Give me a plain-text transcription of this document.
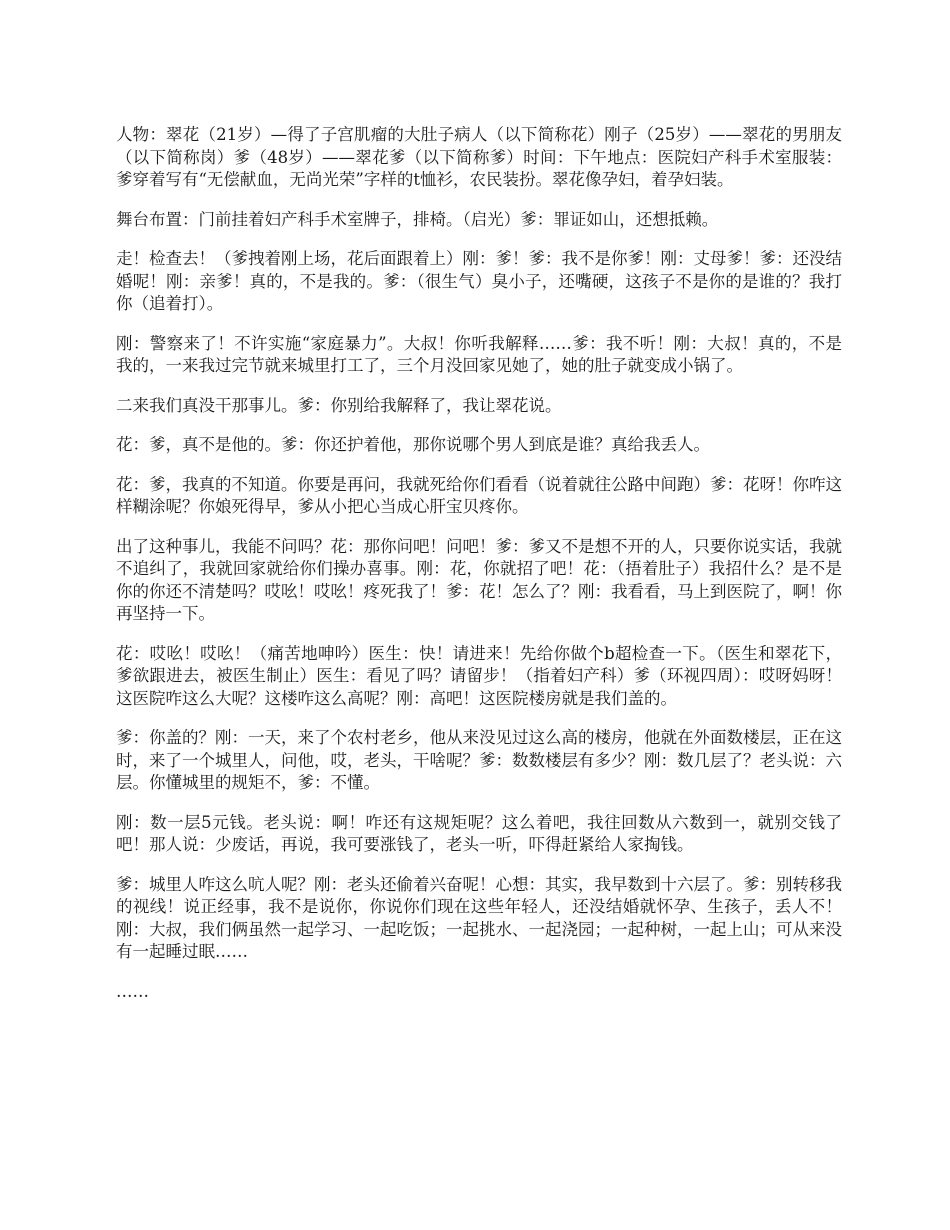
人物：翠花（21岁）—得了子宫肌瘤的大肚子病人（以下简称花）刚子（25岁）——翠花的男朋友（以下简称岗）爹（48岁）——翠花爹（以下简称爹）时间：下午地点：医院妇产科手术室服装：爹穿着写有“无偿献血，无尚光荣”字样的t恤衫，农民装扮。翠花像孕妇，着孕妇装。

舞台布置：门前挂着妇产科手术室牌子，排椅。（启光）爹：罪证如山，还想抵赖。

走！检查去！（爹拽着刚上场，花后面跟着上）刚：爹！爹：我不是你爹！刚：丈母爹！爹：还没结婚呢！刚：亲爹！真的，不是我的。爹：（很生气）臭小子，还嘴硬，这孩子不是你的是谁的？我打你（追着打）。

刚：警察来了！不许实施“家庭暴力”。大叔！你听我解释……爹：我不听！刚：大叔！真的，不是我的，一来我过完节就来城里打工了，三个月没回家见她了，她的肚子就变成小锅了。

二来我们真没干那事儿。爹：你别给我解释了，我让翠花说。

花：爹，真不是他的。爹：你还护着他，那你说哪个男人到底是谁？真给我丢人。

花：爹，我真的不知道。你要是再问，我就死给你们看看（说着就往公路中间跑）爹：花呀！你咋这样糊涂呢？你娘死得早，爹从小把心当成心肝宝贝疼你。

出了这种事儿，我能不问吗？花：那你问吧！问吧！爹：爹又不是想不开的人，只要你说实话，我就不追纠了，我就回家就给你们操办喜事。刚：花，你就招了吧！花：（捂着肚子）我招什么？是不是你的你还不清楚吗？哎吆！哎吆！疼死我了！爹：花！怎么了？刚：我看看，马上到医院了，啊！你再坚持一下。

花：哎吆！哎吆！（痛苦地呻吟）医生：快！请进来！先给你做个b超检查一下。（医生和翠花下，爹欲跟进去，被医生制止）医生：看见了吗？请留步！（指着妇产科）爹（环视四周）：哎呀妈呀！这医院咋这么大呢？这楼咋这么高呢？刚：高吧！这医院楼房就是我们盖的。

爹：你盖的？刚：一天，来了个农村老乡，他从来没见过这么高的楼房，他就在外面数楼层，正在这时，来了一个城里人，问他，哎，老头，干啥呢？爹：数数楼层有多少？刚：数几层了？老头说：六层。你懂城里的规矩不，爹：不懂。

刚：数一层5元钱。老头说：啊！咋还有这规矩呢？这么着吧，我往回数从六数到一，就别交钱了吧！那人说：少废话，再说，我可要涨钱了，老头一听，吓得赶紧给人家掏钱。

爹：城里人咋这么吭人呢？刚：老头还偷着兴奋呢！心想：其实，我早数到十六层了。爹：别转移我的视线！说正经事，我不是说你，你说你们现在这些年轻人，还没结婚就怀孕、生孩子，丢人不！刚：大叔，我们俩虽然一起学习、一起吃饭；一起挑水、一起浇园；一起种树，一起上山；可从来没有一起睡过眠……

……
